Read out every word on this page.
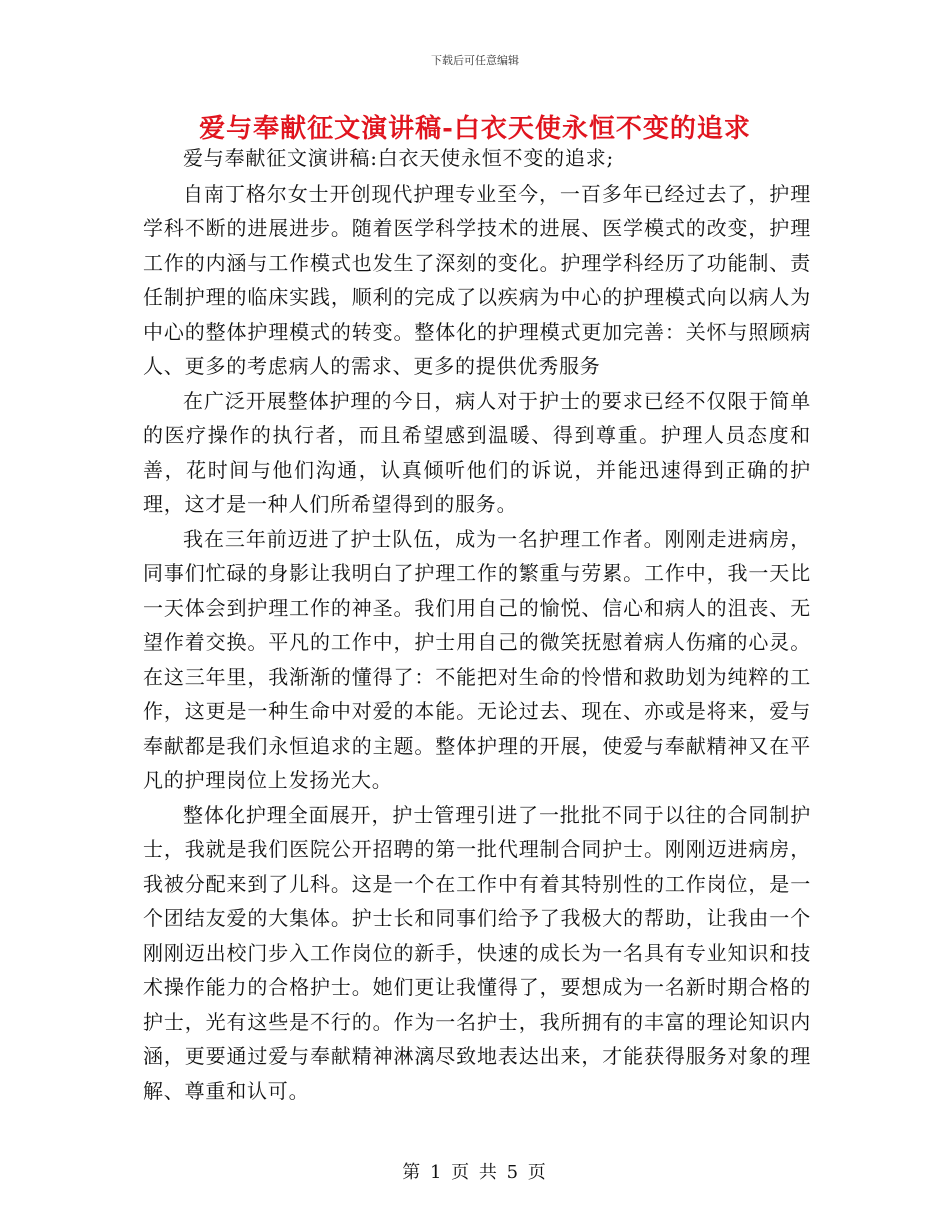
下载后可任意编辑
爱与奉献征文演讲稿-白衣天使永恒不变的追求

爱与奉献征文演讲稿:白衣天使永恒不变的追求;

自南丁格尔女士开创现代护理专业至今，一百多年已经过去了，护理学科不断的进展进步。随着医学科学技术的进展、医学模式的改变，护理工作的内涵与工作模式也发生了深刻的变化。护理学科经历了功能制、责任制护理的临床实践，顺利的完成了以疾病为中心的护理模式向以病人为中心的整体护理模式的转变。整体化的护理模式更加完善：关怀与照顾病人、更多的考虑病人的需求、更多的提供优秀服务

在广泛开展整体护理的今日，病人对于护士的要求已经不仅限于简单的医疗操作的执行者，而且希望感到温暖、得到尊重。护理人员态度和善，花时间与他们沟通，认真倾听他们的诉说，并能迅速得到正确的护理，这才是一种人们所希望得到的服务。

我在三年前迈进了护士队伍，成为一名护理工作者。刚刚走进病房，同事们忙碌的身影让我明白了护理工作的繁重与劳累。工作中，我一天比一天体会到护理工作的神圣。我们用自己的愉悦、信心和病人的沮丧、无望作着交换。平凡的工作中，护士用自己的微笑抚慰着病人伤痛的心灵。在这三年里，我渐渐的懂得了：不能把对生命的怜惜和救助划为纯粹的工作，这更是一种生命中对爱的本能。无论过去、现在、亦或是将来，爱与奉献都是我们永恒追求的主题。整体护理的开展，使爱与奉献精神又在平凡的护理岗位上发扬光大。

整体化护理全面展开，护士管理引进了一批批不同于以往的合同制护士，我就是我们医院公开招聘的第一批代理制合同护士。刚刚迈进病房，我被分配来到了儿科。这是一个在工作中有着其特别性的工作岗位，是一个团结友爱的大集体。护士长和同事们给予了我极大的帮助，让我由一个刚刚迈出校门步入工作岗位的新手，快速的成长为一名具有专业知识和技术操作能力的合格护士。她们更让我懂得了，要想成为一名新时期合格的护士，光有这些是不行的。作为一名护士，我所拥有的丰富的理论知识内涵，更要通过爱与奉献精神淋漓尽致地表达出来，才能获得服务对象的理解、尊重和认可。

第 1 页 共 5 页
